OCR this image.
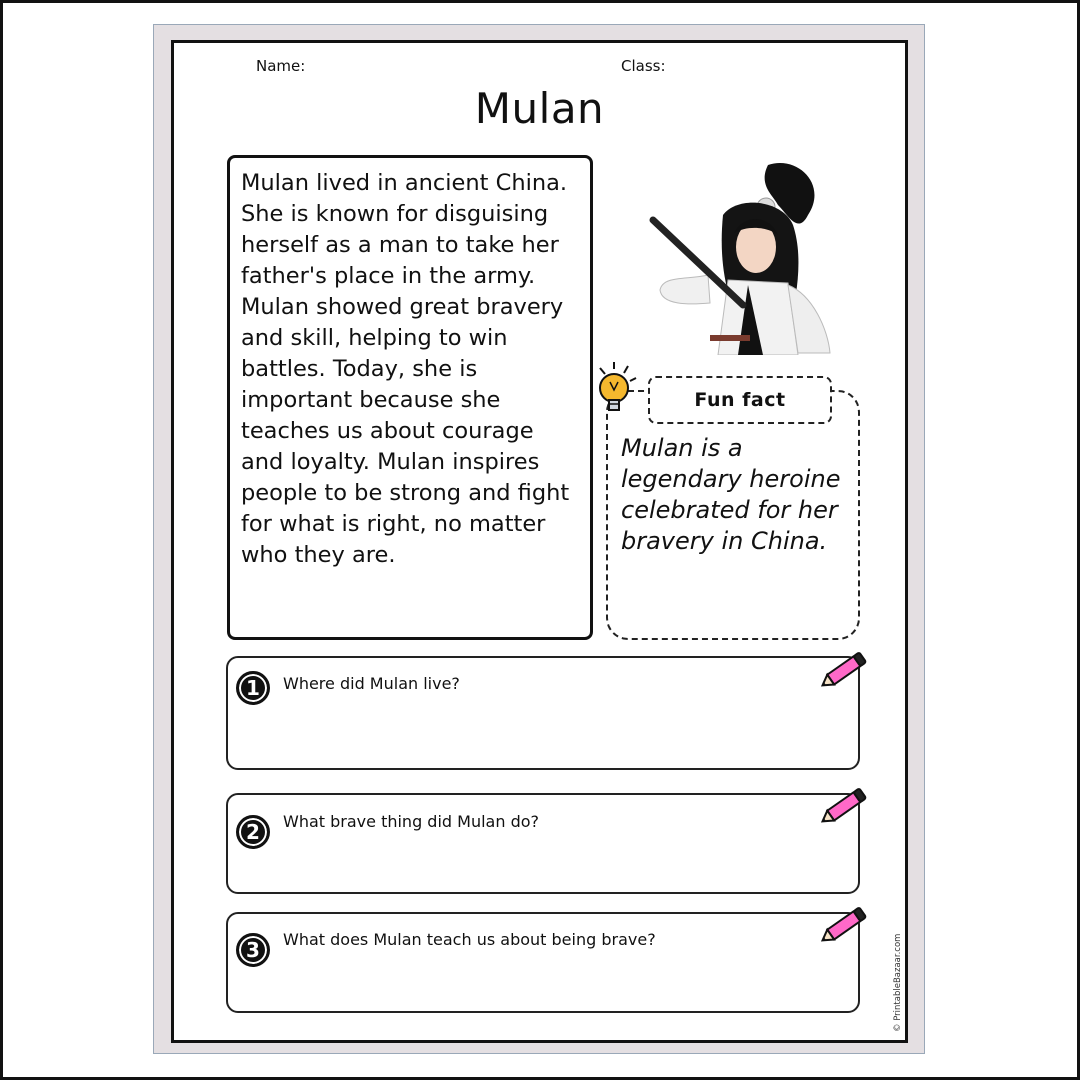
Name:	Class:
Mulan

Mulan lived in ancient China. She is known for disguising herself as a man to take her father's place in the army. Mulan showed great bravery and skill, helping to win battles. Today, she is important because she teaches us about courage and loyalty. Mulan inspires people to be strong and fight for what is right, no matter who they are.

Fun fact

Mulan is a legendary heroine celebrated for her bravery in China.

1	Where did Mulan live?
2	What brave thing did Mulan do?
3	What does Mulan teach us about being brave?	© PrintableBazaar.com
